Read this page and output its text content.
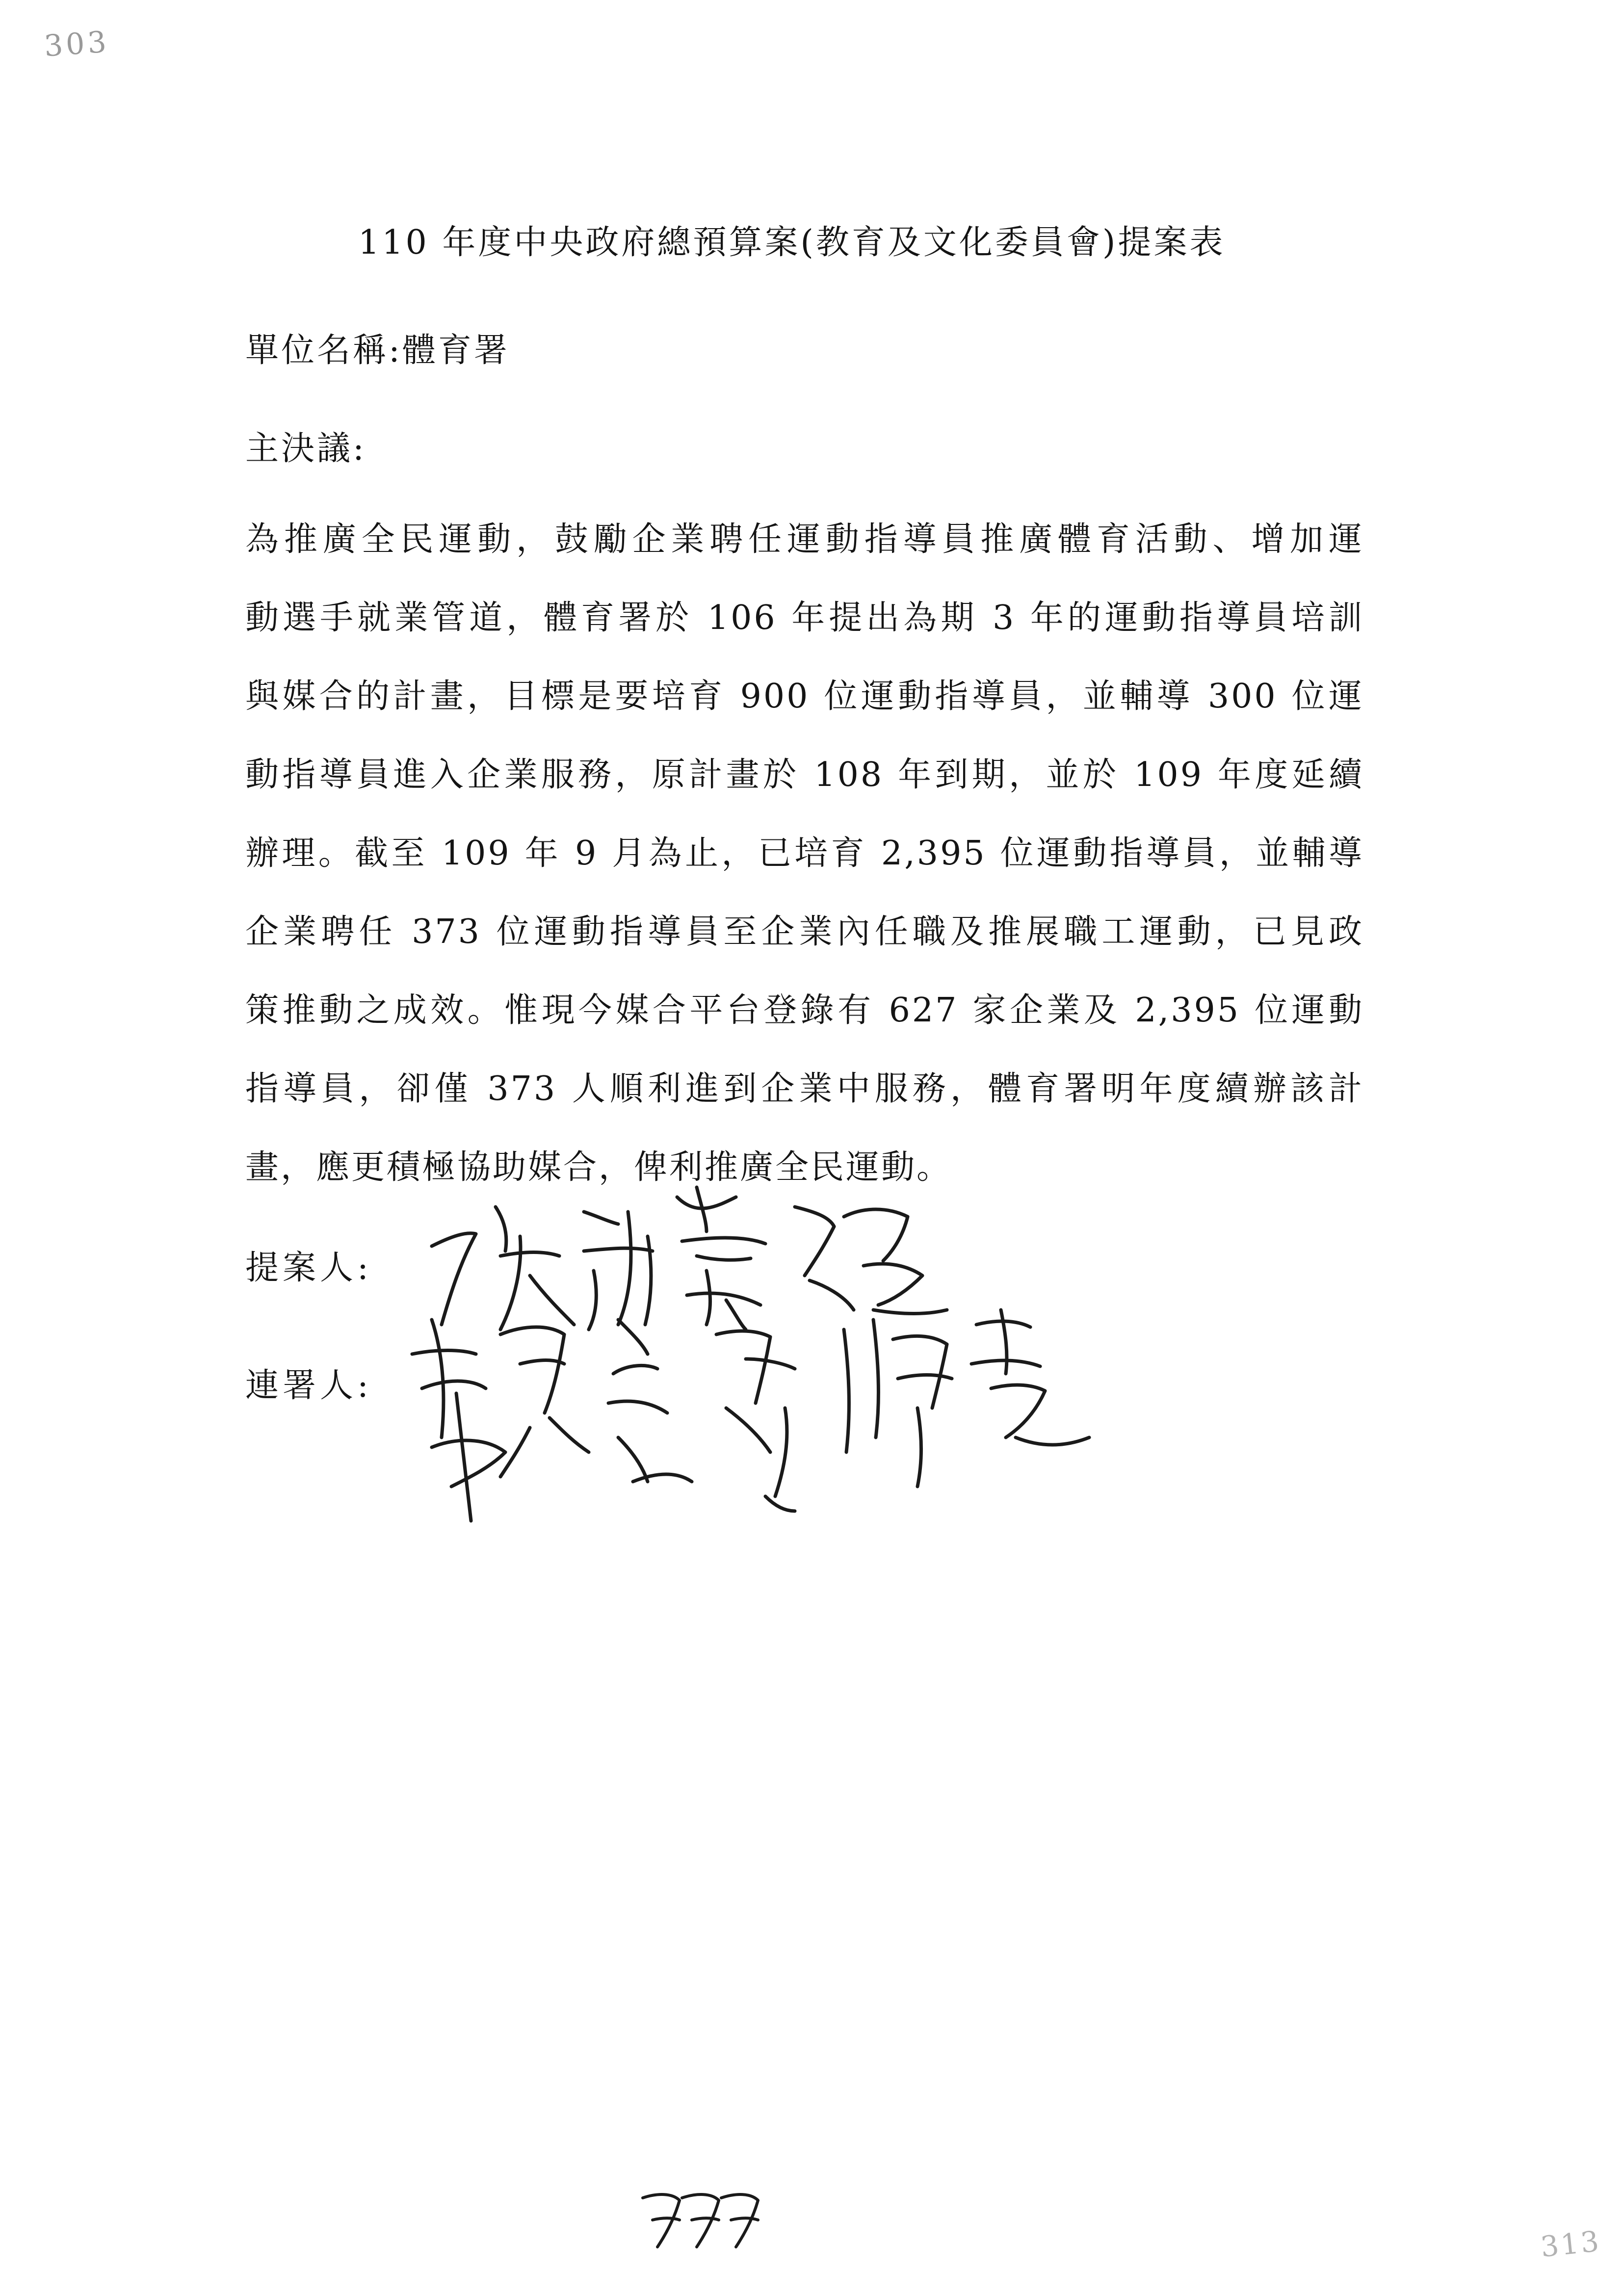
303
110 年度中央政府總預算案(教育及文化委員會)提案表
單位名稱:體育署
主決議:
為推廣全民運動，鼓勵企業聘任運動指導員推廣體育活動、增加運
動選手就業管道，體育署於 106 年提出為期 3 年的運動指導員培訓
與媒合的計畫，目標是要培育 900 位運動指導員，並輔導 300 位運
動指導員進入企業服務，原計畫於 108 年到期，並於 109 年度延續
辦理。截至 109 年 9 月為止，已培育 2,395 位運動指導員，並輔導
企業聘任 373 位運動指導員至企業內任職及推展職工運動，已見政
策推動之成效。惟現今媒合平台登錄有 627 家企業及 2,395 位運動
指導員，卻僅 373 人順利進到企業中服務，體育署明年度續辦該計
畫，應更積極協助媒合，俾利推廣全民運動。
提案人:
連署人:
313
